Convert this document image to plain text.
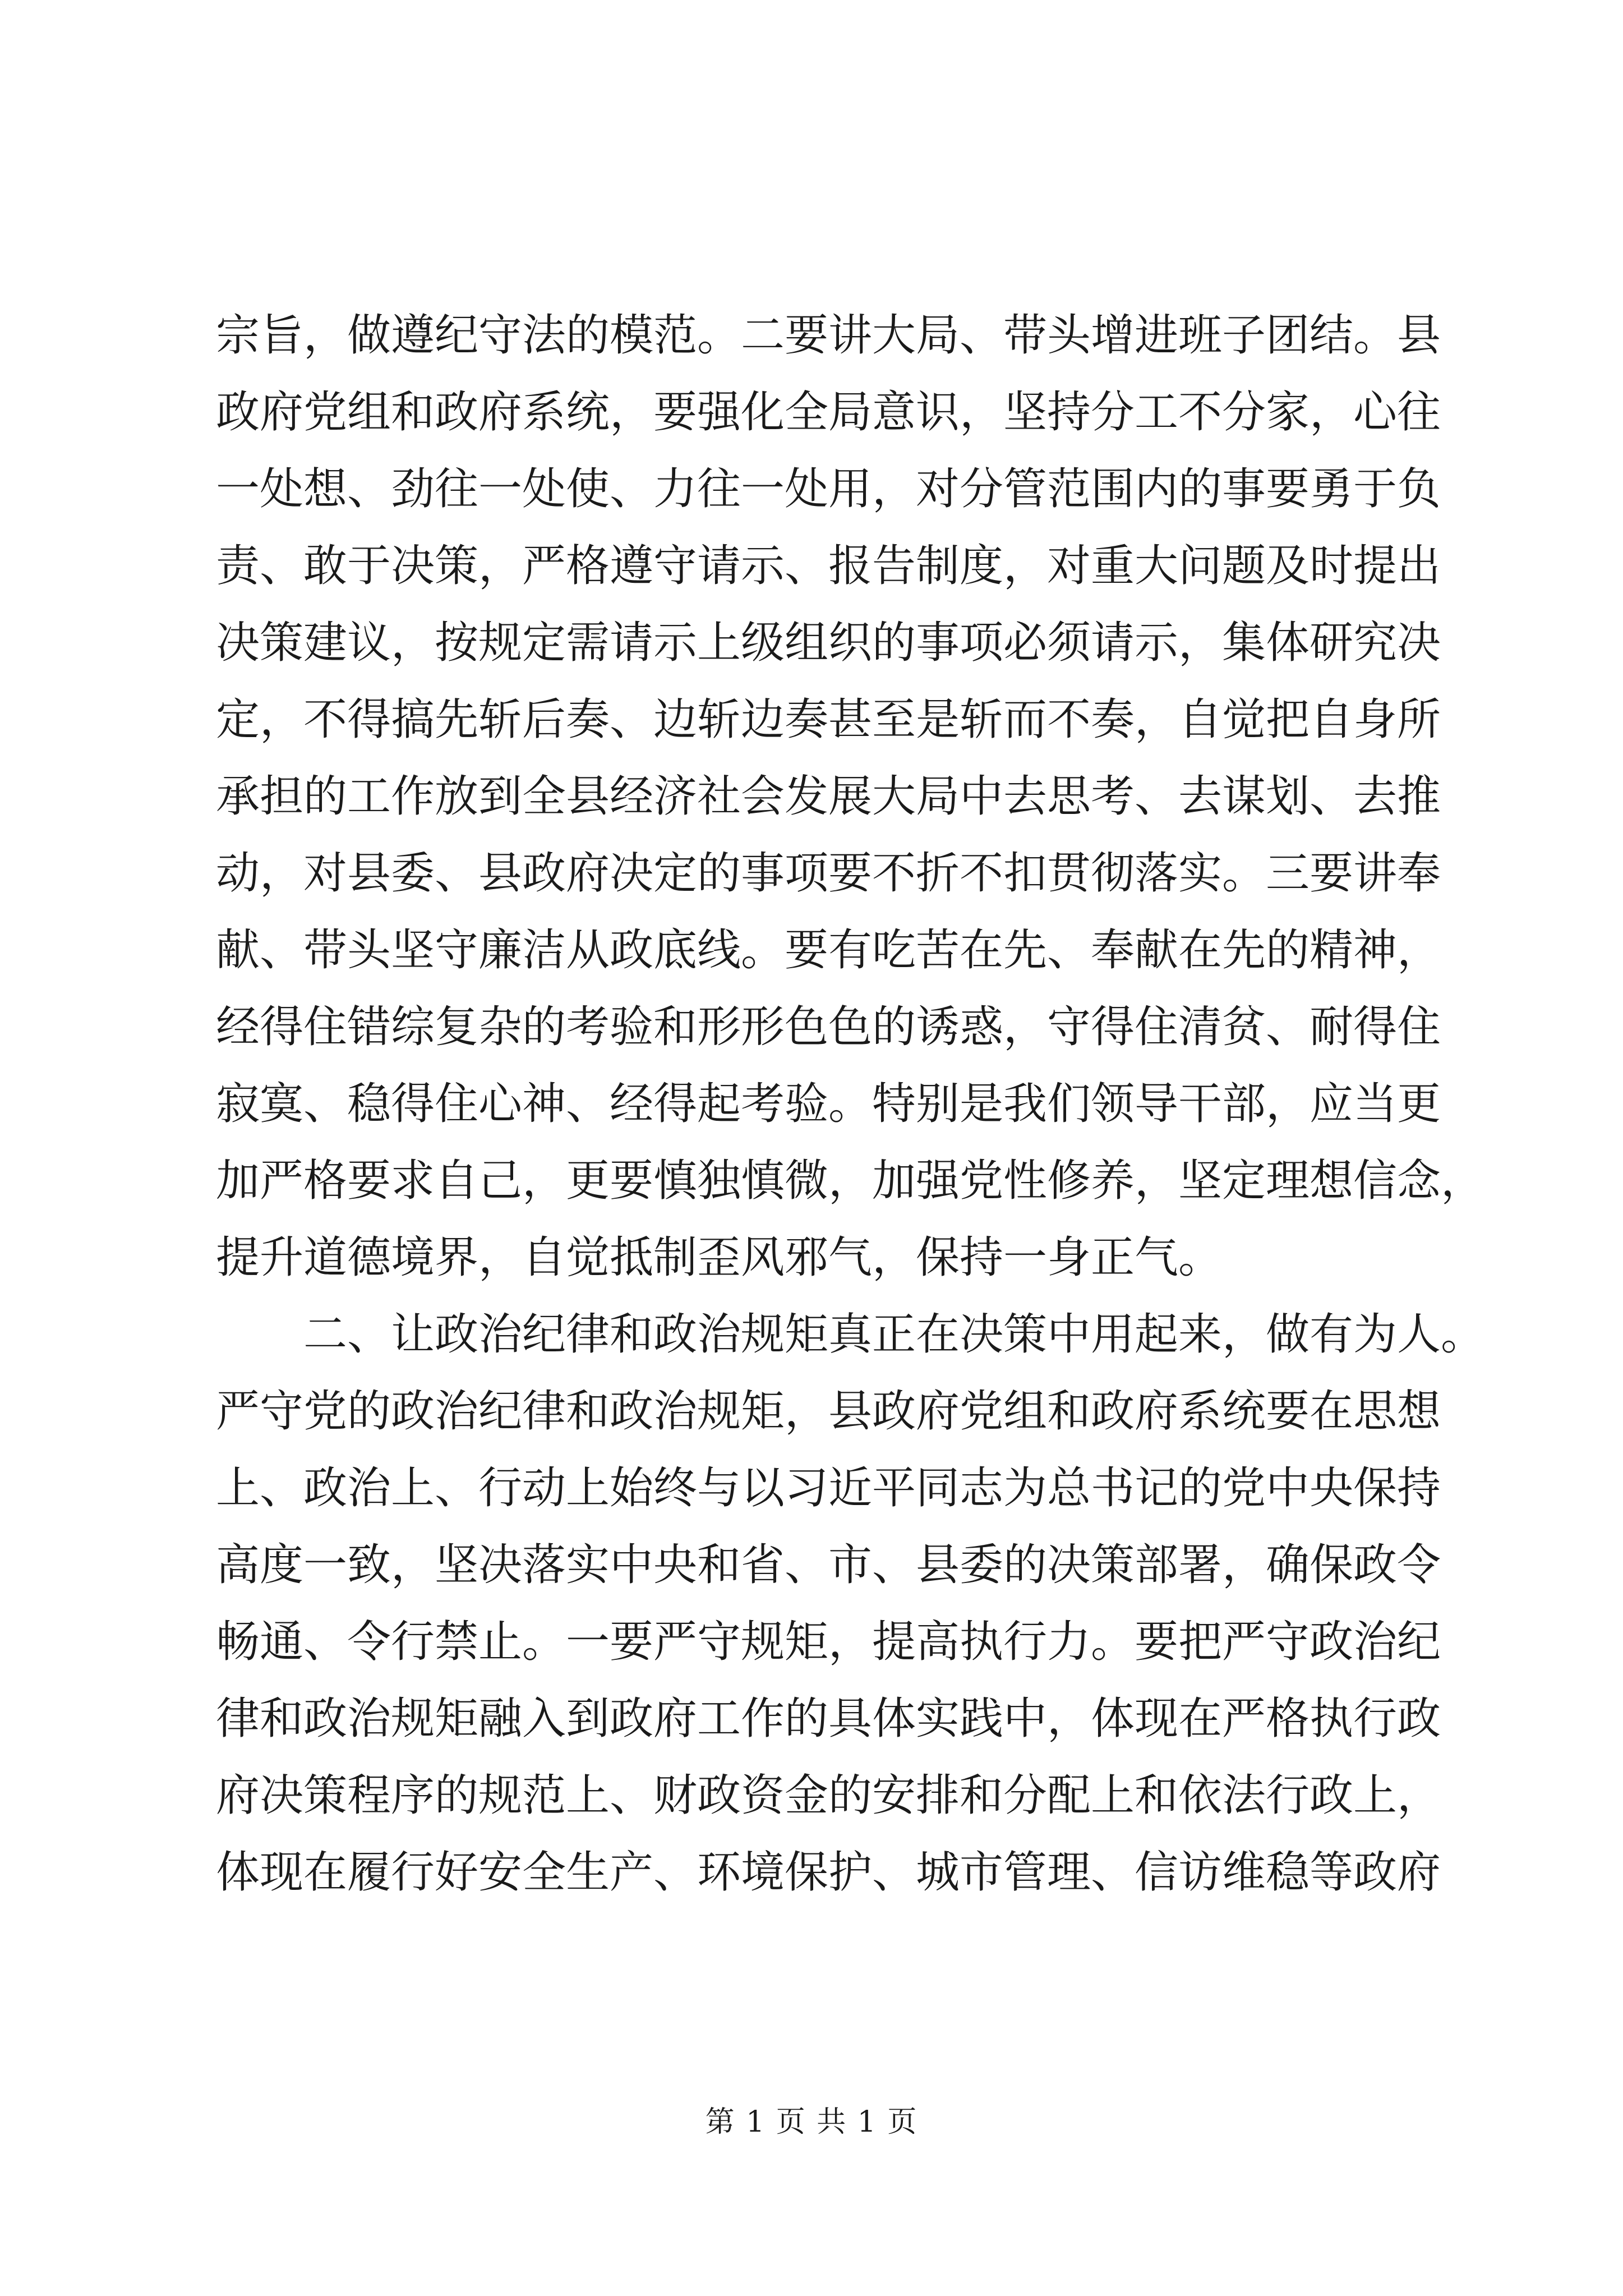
宗旨，做遵纪守法的模范。二要讲大局、带头增进班子团结。县
政府党组和政府系统，要强化全局意识，坚持分工不分家，心往
一处想、劲往一处使、力往一处用，对分管范围内的事要勇于负
责、敢于决策，严格遵守请示、报告制度，对重大问题及时提出
决策建议，按规定需请示上级组织的事项必须请示，集体研究决
定，不得搞先斩后奏、边斩边奏甚至是斩而不奏，自觉把自身所
承担的工作放到全县经济社会发展大局中去思考、去谋划、去推
动，对县委、县政府决定的事项要不折不扣贯彻落实。三要讲奉
献、带头坚守廉洁从政底线。要有吃苦在先、奉献在先的精神，
经得住错综复杂的考验和形形色色的诱惑，守得住清贫、耐得住
寂寞、稳得住心神、经得起考验。特别是我们领导干部，应当更
加严格要求自己，更要慎独慎微，加强党性修养，坚定理想信念，
提升道德境界，自觉抵制歪风邪气，保持一身正气。
二、让政治纪律和政治规矩真正在决策中用起来，做有为人。
严守党的政治纪律和政治规矩，县政府党组和政府系统要在思想
上、政治上、行动上始终与以习近平同志为总书记的党中央保持
高度一致，坚决落实中央和省、市、县委的决策部署，确保政令
畅通、令行禁止。一要严守规矩，提高执行力。要把严守政治纪
律和政治规矩融入到政府工作的具体实践中，体现在严格执行政
府决策程序的规范上、财政资金的安排和分配上和依法行政上，
体现在履行好安全生产、环境保护、城市管理、信访维稳等政府
第 1 页 共 1 页
